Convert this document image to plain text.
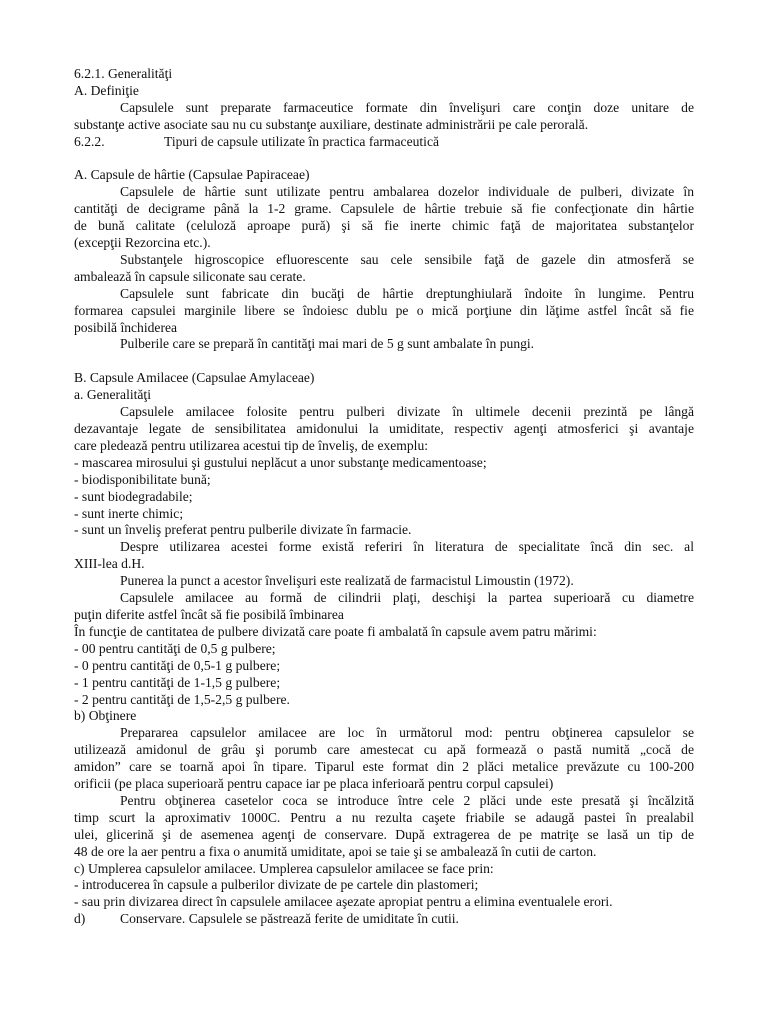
6.2.1. Generalităţi
A. Definiţie
Capsulele sunt preparate farmaceutice formate din învelişuri care conţin doze unitare de
substanţe active asociate sau nu cu substanţe auxiliare, destinate administrării pe cale perorală.
6.2.2.	Tipuri de capsule utilizate în practica farmaceutică
A. Capsule de hârtie (Capsulae Papiraceae)
Capsulele de hârtie sunt utilizate pentru ambalarea dozelor individuale de pulberi, divizate în
cantităţi de decigrame până la 1-2 grame. Capsulele de hârtie trebuie să fie confecţionate din hârtie
de bună calitate (celuloză aproape pură) şi să fie inerte chimic faţă de majoritatea substanţelor
(excepţii Rezorcina etc.).
Substanţele higroscopice efluorescente sau cele sensibile faţă de gazele din atmosferă se
ambalează în capsule siliconate sau cerate.
Capsulele sunt fabricate din bucăţi de hârtie dreptunghiulară îndoite în lungime. Pentru
formarea capsulei marginile libere se îndoiesc dublu pe o mică porţiune din lăţime astfel încât să fie
posibilă închiderea
Pulberile care se prepară în cantităţi mai mari de 5 g sunt ambalate în pungi.
B. Capsule Amilacee (Capsulae Amylaceae)
a. Generalităţi
Capsulele amilacee folosite pentru pulberi divizate în ultimele decenii prezintă pe lângă
dezavantaje legate de sensibilitatea amidonului la umiditate, respectiv agenţi atmosferici şi avantaje
care pledează pentru utilizarea acestui tip de înveliş, de exemplu:
- mascarea mirosului şi gustului neplăcut a unor substanţe medicamentoase;
- biodisponibilitate bună;
- sunt biodegradabile;
- sunt inerte chimic;
- sunt un înveliş preferat pentru pulberile divizate în farmacie.
Despre utilizarea acestei forme există referiri în literatura de specialitate încă din sec. al
XIII-lea d.H.
Punerea la punct a acestor învelişuri este realizată de farmacistul Limoustin (1972).
Capsulele amilacee au formă de cilindrii plaţi, deschişi la partea superioară cu diametre
puţin diferite astfel încât să fie posibilă îmbinarea
În funcţie de cantitatea de pulbere divizată care poate fi ambalată în capsule avem patru mărimi:
- 00 pentru cantităţi de 0,5 g pulbere;
- 0 pentru cantităţi de 0,5-1 g pulbere;
- 1 pentru cantităţi de 1-1,5 g pulbere;
- 2 pentru cantităţi de 1,5-2,5 g pulbere.
b) Obţinere
Prepararea capsulelor amilacee are loc în următorul mod: pentru obţinerea capsulelor se
utilizează amidonul de grâu şi porumb care amestecat cu apă formează o pastă numită „cocă de
amidon” care se toarnă apoi în tipare. Tiparul este format din 2 plăci metalice prevăzute cu 100-200
orificii (pe placa superioară pentru capace iar pe placa inferioară pentru corpul capsulei)
Pentru obţinerea casetelor coca se introduce între cele 2 plăci unde este presată şi încălzită
timp scurt la aproximativ 1000C. Pentru a nu rezulta caşete friabile se adaugă pastei în prealabil
ulei, glicerină şi de asemenea agenţi de conservare. După extragerea de pe matriţe se lasă un tip de
48 de ore la aer pentru a fixa o anumită umiditate, apoi se taie şi se ambalează în cutii de carton.
c) Umplerea capsulelor amilacee. Umplerea capsulelor amilacee se face prin:
- introducerea în capsule a pulberilor divizate de pe cartele din plastomeri;
- sau prin divizarea direct în capsulele amilacee aşezate apropiat pentru a elimina eventualele erori.
d)	Conservare. Capsulele se păstrează ferite de umiditate în cutii.
